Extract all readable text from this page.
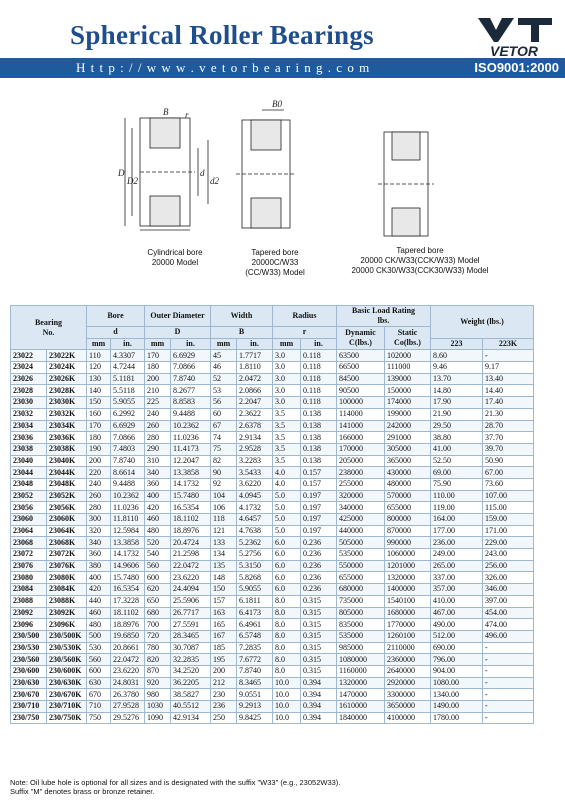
Spherical Roller Bearings
VETOR
H t t p : / / w w w . v e t o r b e a r i n g . c o m	ISO9001:2000
D
D2
d
d2
B r
B0
Cylindrical bore
20000 Model
Tapered bore
20000C/W33
(CC/W33) Model
Tapered bore
20000 CK/W33(CCK/W33) Model
20000 CK30/W33(CCK30/W33) Model
Bearing
No.		Bore		Outer Diameter		Width		Radius		Basic Load Rating
lbs.		Weight (lbs.)	
		d		D		B		r		Dynamic
C(lbs.)	Static
Co(lbs.)		
		mm	in.	mm	in.	mm	in.	mm	in.			223	223K
23022	23022K	110	4.3307	170	6.6929	45	1.7717	3.0	0.118	63500	102000	8.60	-
23024	23024K	120	4.7244	180	7.0866	46	1.8110	3.0	0.118	66500	111000	9.46	9.17
23026	23026K	130	5.1181	200	7.8740	52	2.0472	3.0	0.118	84500	139000	13.70	13.40
23028	23028K	140	5.5118	210	8.2677	53	2.0866	3.0	0.118	90500	150000	14.80	14.40
23030	23030K	150	5.9055	225	8.8583	56	2.2047	3.0	0.118	100000	174000	17.90	17.40
23032	23032K	160	6.2992	240	9.4488	60	2.3622	3.5	0.138	114000	199000	21.90	21.30
23034	23034K	170	6.6929	260	10.2362	67	2.6378	3.5	0.138	141000	242000	29.50	28.70
23036	23036K	180	7.0866	280	11.0236	74	2.9134	3.5	0.138	166000	291000	38.80	37.70
23038	23038K	190	7.4803	290	11.4173	75	2.9528	3.5	0.138	170000	305000	41.00	39.70
23040	23040K	200	7.8740	310	12.2047	82	3.2283	3.5	0.138	205000	365000	52.50	50.90
23044	23044K	220	8.6614	340	13.3858	90	3.5433	4.0	0.157	238000	430000	69.00	67.00
23048	23048K	240	9.4488	360	14.1732	92	3.6220	4.0	0.157	255000	480000	75.90	73.60
23052	23052K	260	10.2362	400	15.7480	104	4.0945	5.0	0.197	320000	570000	110.00	107.00
23056	23056K	280	11.0236	420	16.5354	106	4.1732	5.0	0.197	340000	655000	119.00	115.00
23060	23060K	300	11.8110	460	18.1102	118	4.6457	5.0	0.197	425000	800000	164.00	159.00
23064	23064K	320	12.5984	480	18.8976	121	4.7638	5.0	0.197	440000	870000	177.00	171.00
23068	23068K	340	13.3858	520	20.4724	133	5.2362	6.0	0.236	505000	990000	236.00	229.00
23072	23072K	360	14.1732	540	21.2598	134	5.2756	6.0	0.236	535000	1060000	249.00	243.00
23076	23076K	380	14.9606	560	22.0472	135	5.3150	6.0	0.236	550000	1201000	265.00	256.00
23080	23080K	400	15.7480	600	23.6220	148	5.8268	6.0	0.236	655000	1320000	337.00	326.00
23084	23084K	420	16.5354	620	24.4094	150	5.9055	6.0	0.236	680000	1400000	357.00	346.00
23088	23088K	440	17.3228	650	25.5906	157	6.1811	8.0	0.315	735000	1540100	410.00	397.00
23092	23092K	460	18.1102	680	26.7717	163	6.4173	8.0	0.315	805000	1680000	467.00	454.00
23096	23096K	480	18.8976	700	27.5591	165	6.4961	8.0	0.315	835000	1770000	490.00	474.00
230/500	230/500K	500	19.6850	720	28.3465	167	6.5748	8.0	0.315	535000	1260100	512.00	496.00
230/530	230/530K	530	20.8661	780	30.7087	185	7.2835	8.0	0.315	985000	2110000	690.00	-
230/560	230/560K	560	22.0472	820	32.2835	195	7.6772	8.0	0.315	1080000	2360000	796.00	-
230/600	230/600K	600	23.6220	870	34.2520	200	7.8740	8.0	0.315	1160000	2640000	904.00	-
230/630	230/630K	630	24.8031	920	36.2205	212	8.3465	10.0	0.394	1320000	2920000	1080.00	-
230/670	230/670K	670	26.3780	980	38.5827	230	9.0551	10.0	0.394	1470000	3300000	1340.00	-
230/710	230/710K	710	27.9528	1030	40.5512	236	9.2913	10.0	0.394	1610000	3650000	1490.00	-
230/750	230/750K	750	29.5276	1090	42.9134	250	9.8425	10.0	0.394	1840000	4100000	1780.00	-
Note: Oil lube hole is optional for all sizes and is designated with the suffix "W33" (e.g., 23052W33).
Suffix "M" denotes brass or bronze retainer.
